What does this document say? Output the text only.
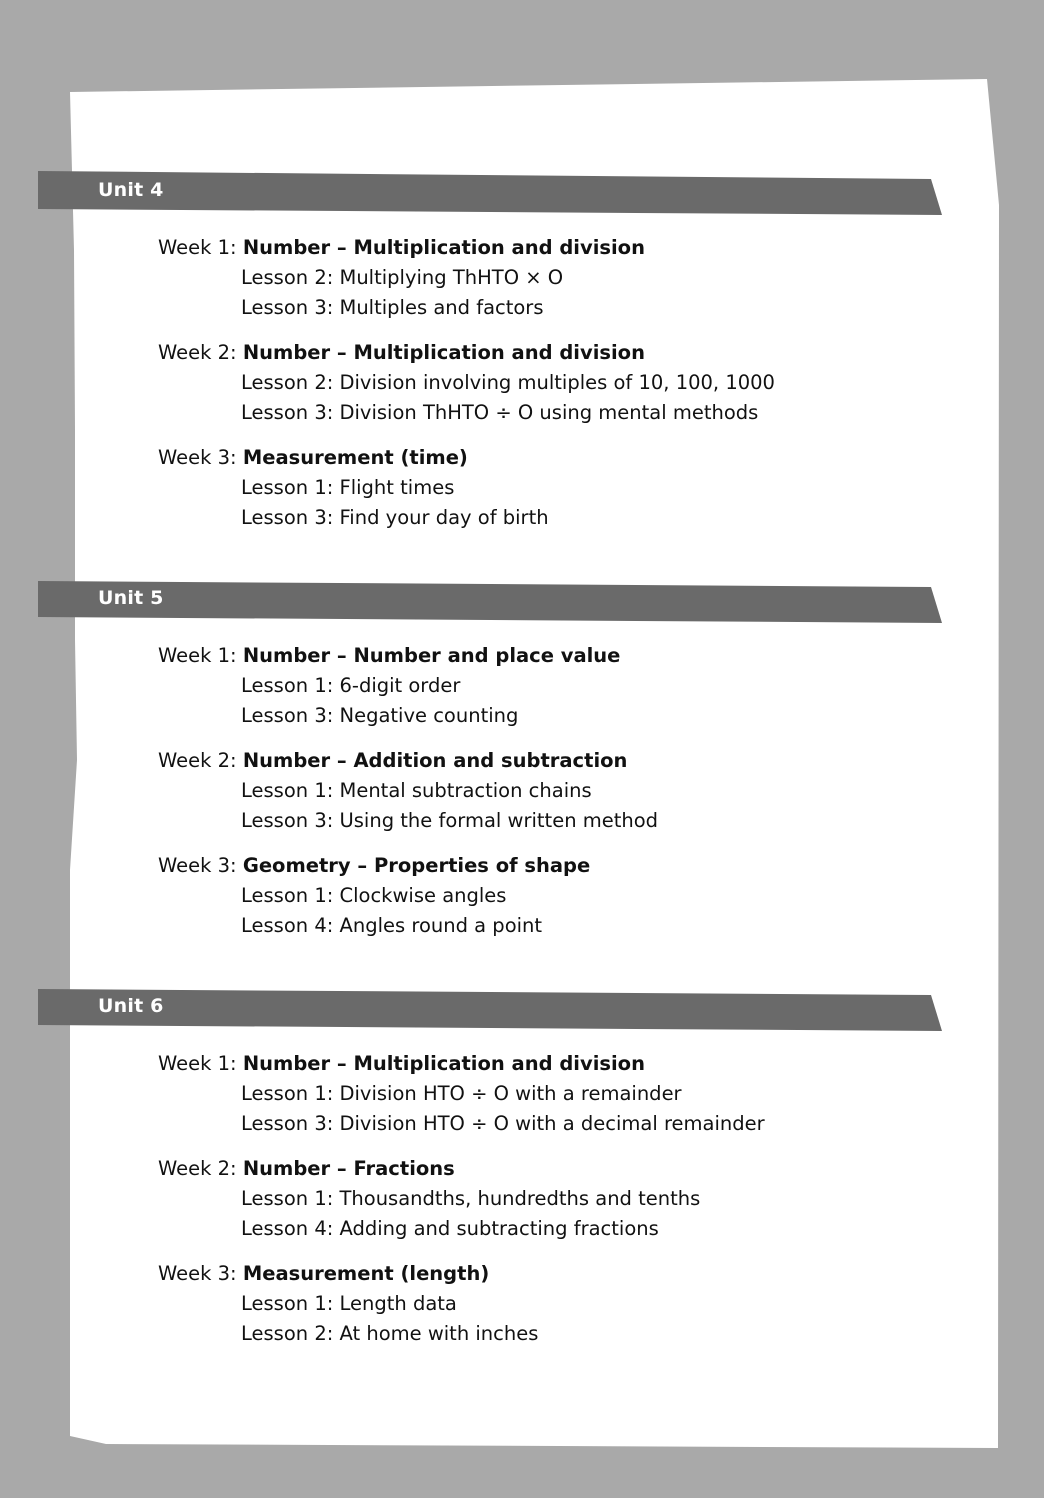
Unit 4
Week 1: Number – Multiplication and division
Lesson 2: Multiplying ThHTO × O
Lesson 3: Multiples and factors
Week 2: Number – Multiplication and division
Lesson 2: Division involving multiples of 10, 100, 1000
Lesson 3: Division ThHTO ÷ O using mental methods
Week 3: Measurement (time)
Lesson 1: Flight times
Lesson 3: Find your day of birth
Unit 5
Week 1: Number – Number and place value
Lesson 1: 6-digit order
Lesson 3: Negative counting
Week 2: Number – Addition and subtraction
Lesson 1: Mental subtraction chains
Lesson 3: Using the formal written method
Week 3: Geometry – Properties of shape
Lesson 1: Clockwise angles
Lesson 4: Angles round a point
Unit 6
Week 1: Number – Multiplication and division
Lesson 1: Division HTO ÷ O with a remainder
Lesson 3: Division HTO ÷ O with a decimal remainder
Week 2: Number – Fractions
Lesson 1: Thousandths, hundredths and tenths
Lesson 4: Adding and subtracting fractions
Week 3: Measurement (length)
Lesson 1: Length data
Lesson 2: At home with inches
